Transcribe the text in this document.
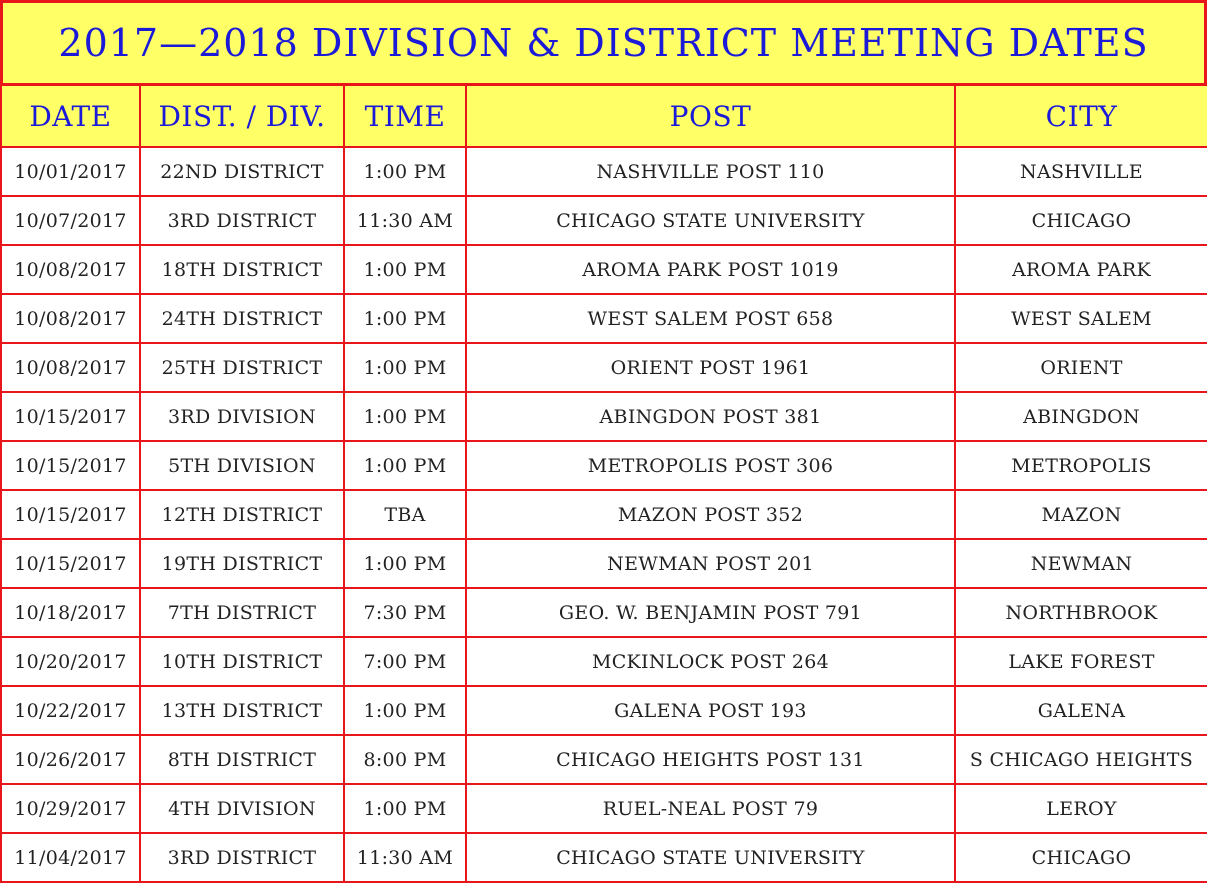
2017—2018 DIVISION & DISTRICT MEETING DATES
DATE	DIST. / DIV.	TIME	POST	CITY
10/01/2017	22ND DISTRICT	1:00 PM	NASHVILLE POST 110	NASHVILLE
10/07/2017	3RD DISTRICT	11:30 AM	CHICAGO STATE UNIVERSITY	CHICAGO
10/08/2017	18TH DISTRICT	1:00 PM	AROMA PARK POST 1019	AROMA PARK
10/08/2017	24TH DISTRICT	1:00 PM	WEST SALEM POST 658	WEST SALEM
10/08/2017	25TH DISTRICT	1:00 PM	ORIENT POST 1961	ORIENT
10/15/2017	3RD DIVISION	1:00 PM	ABINGDON POST 381	ABINGDON
10/15/2017	5TH DIVISION	1:00 PM	METROPOLIS POST 306	METROPOLIS
10/15/2017	12TH DISTRICT	TBA	MAZON POST 352	MAZON
10/15/2017	19TH DISTRICT	1:00 PM	NEWMAN POST 201	NEWMAN
10/18/2017	7TH DISTRICT	7:30 PM	GEO. W. BENJAMIN POST 791	NORTHBROOK
10/20/2017	10TH DISTRICT	7:00 PM	MCKINLOCK POST 264	LAKE FOREST
10/22/2017	13TH DISTRICT	1:00 PM	GALENA POST 193	GALENA
10/26/2017	8TH DISTRICT	8:00 PM	CHICAGO HEIGHTS POST 131	S CHICAGO HEIGHTS
10/29/2017	4TH DIVISION	1:00 PM	RUEL-NEAL POST 79	LEROY
11/04/2017	3RD DISTRICT	11:30 AM	CHICAGO STATE UNIVERSITY	CHICAGO
